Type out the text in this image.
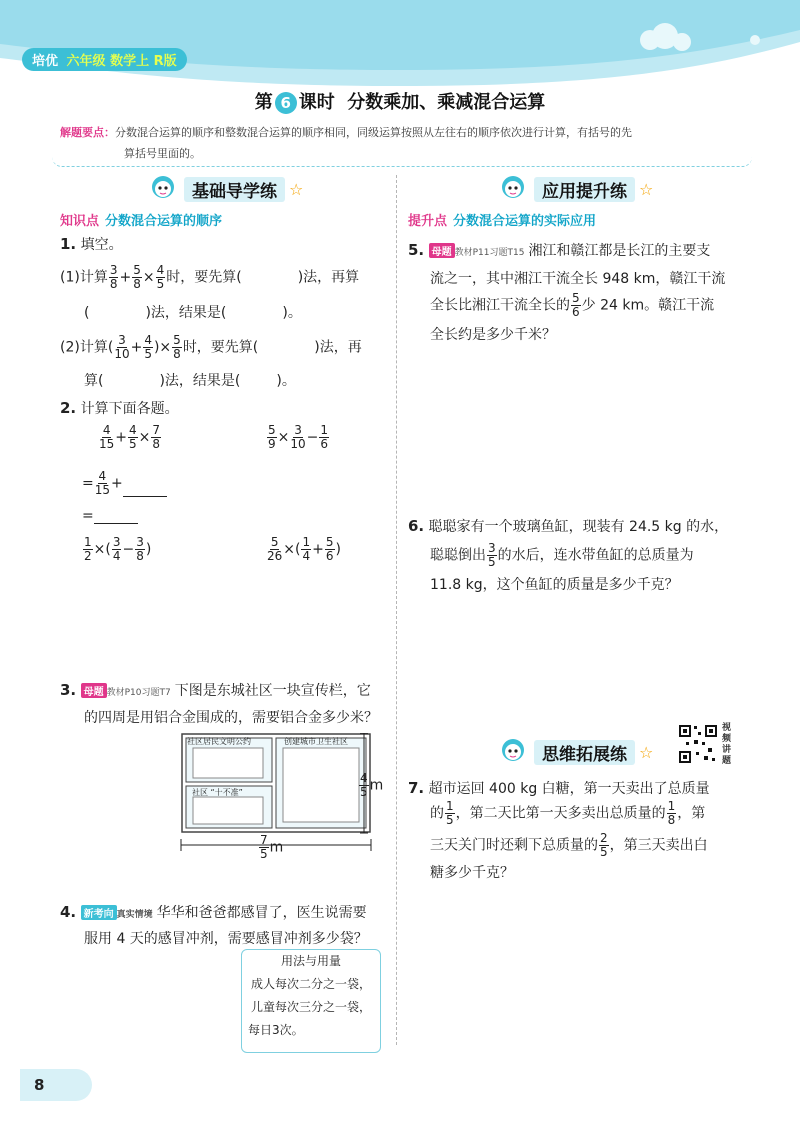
培优 六年级 数学上 R版
第 6 课时 分数乘加、乘减混合运算
解题要点：分数混合运算的顺序和整数混合运算的顺序相同，同级运算按照从左往右的顺序依次进行计算，有括号的先
算括号里面的。
基础导学练 ☆
知识点 分数混合运算的顺序
1. 填空。
(1)计算 $\frac{3}{8} + \frac{5}{8} \times \frac{4}{5}$ 时，要先算(	)法，再算
(	)法，结果是(	)。
(2)计算( $\frac{3}{10} + \frac{4}{5}$ )× $\frac{5}{8}$ 时，要先算(	)法，再
算(	)法，结果是(	)。
2. 计算下面各题。
$\frac{4}{15} + \frac{4}{5} \times \frac{7}{8}$	$\frac{5}{9} \times \frac{3}{10} - \frac{1}{6}$
= $\frac{4}{15}$ +
=
$\frac{1}{2}$ ×( $\frac{3}{4} - \frac{3}{8}$ )	$\frac{5}{26}$ ×( $\frac{1}{4} + \frac{5}{6}$ )
3. 母题 教材P10习题T7 下图是东城社区一块宣传栏，它
的四周是用铝合金围成的，需要铝合金多少米？
社区居民文明公约	创建城市卫生社区
社区 “十不准”	$\frac{4}{5}$ m
$\frac{7}{5}$ m
4. 新考向 真实情境 华华和爸爸都感冒了，医生说需要
服用 4 天的感冒冲剂，需要感冒冲剂多少袋？
用法与用量
成人每次二分之一袋，
儿童每次三分之一袋，
每日3次。
应用提升练 ☆
提升点 分数混合运算的实际应用
5. 母题 教材P11习题T15 湘江和赣江都是长江的主要支
流之一，其中湘江干流全长 948 km，赣江干流
全长比湘江干流全长的 $\frac{5}{6}$ 少 24 km。赣江干流
全长约是多少千米？
6. 聪聪家有一个玻璃鱼缸，现装有 24.5 kg 的水，
聪聪倒出 $\frac{3}{5}$ 的水后，连水带鱼缸的总质量为
11.8 kg，这个鱼缸的质量是多少千克？
思维拓展练 ☆
视频讲题
7. 超市运回 400 kg 白糖，第一天卖出了总质量
的 $\frac{1}{5}$ ，第二天比第一天多卖出总质量的 $\frac{1}{8}$ ，第
三天关门时还剩下总质量的 $\frac{2}{5}$ ，第三天卖出白
糖多少千克？
8
